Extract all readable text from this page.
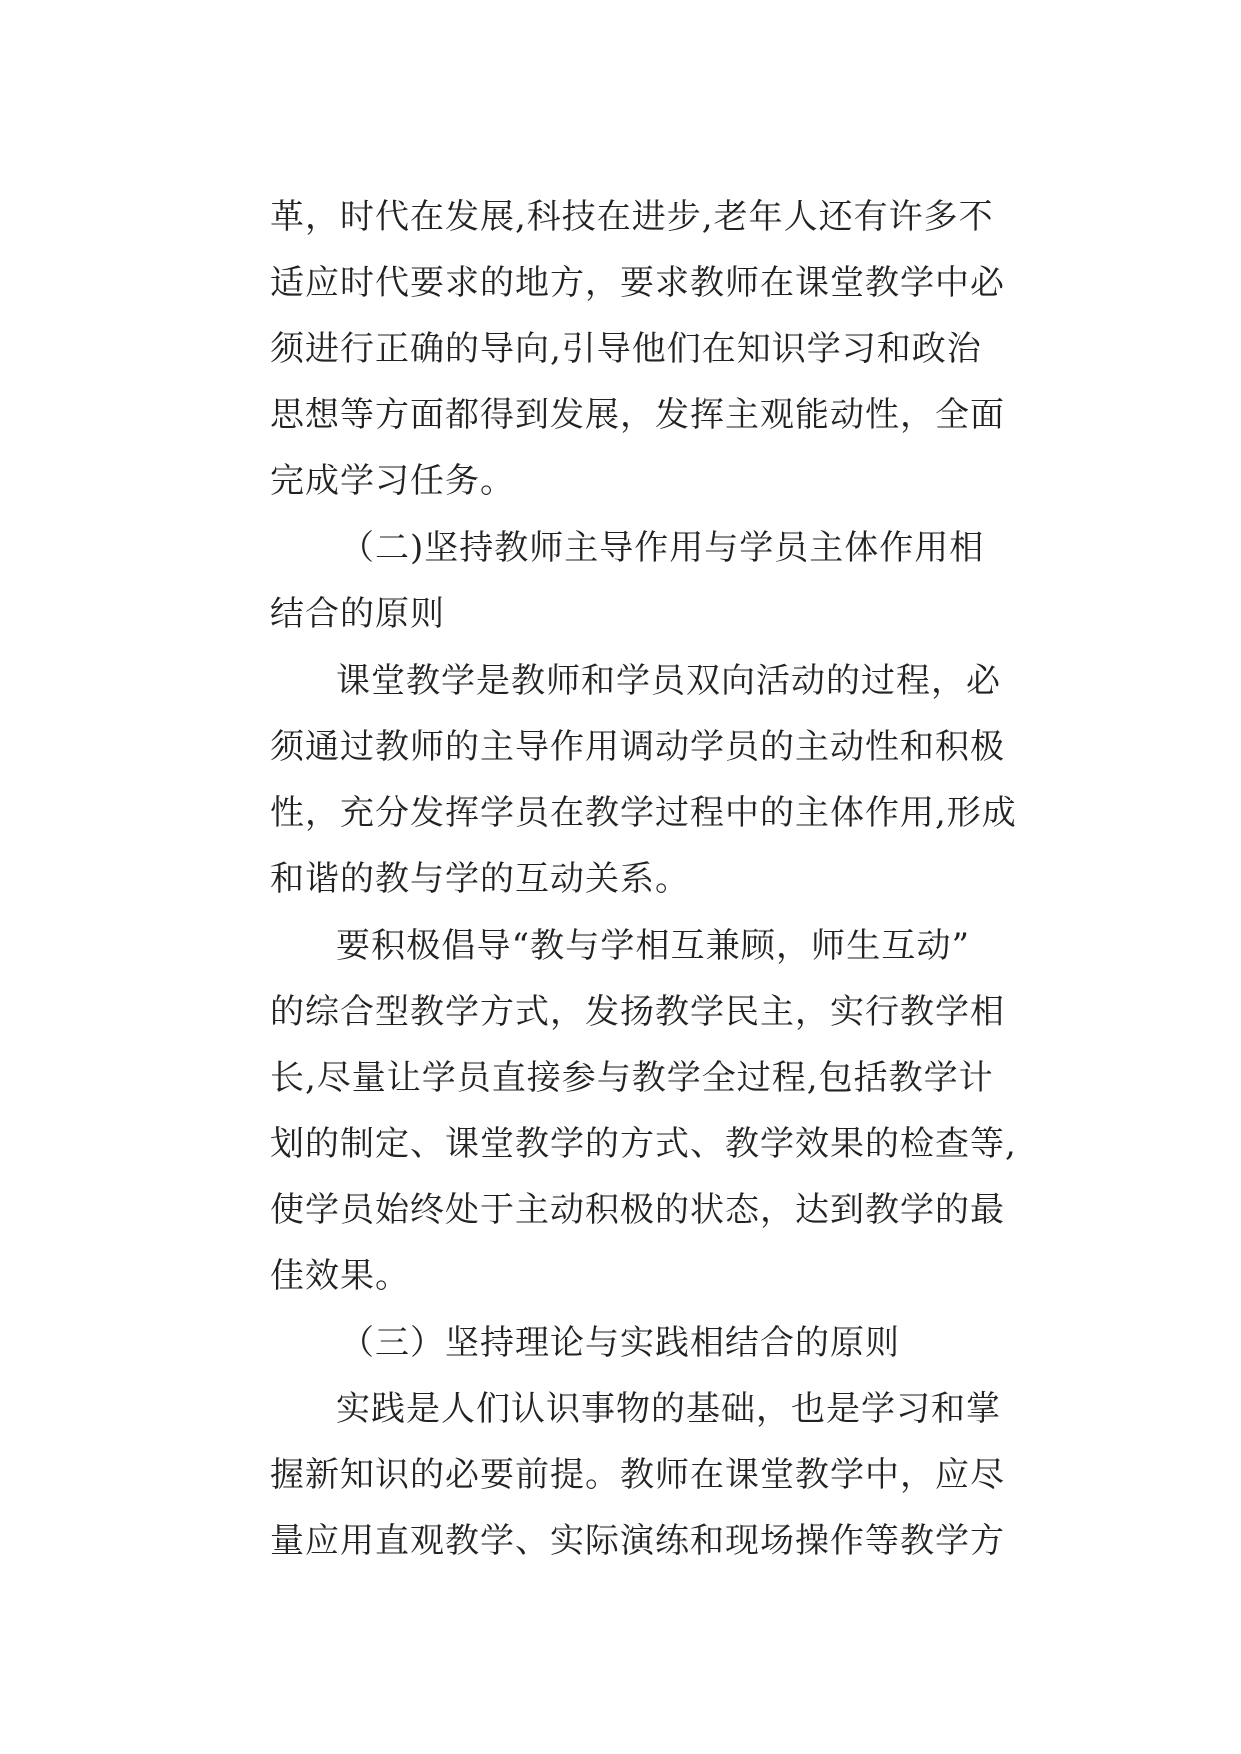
革，时代在发展,科技在进步,老年人还有许多不
适应时代要求的地方，要求教师在课堂教学中必
须进行正确的导向,引导他们在知识学习和政治
思想等方面都得到发展，发挥主观能动性，全面
完成学习任务。
（二)坚持教师主导作用与学员主体作用相
结合的原则
课堂教学是教师和学员双向活动的过程，必
须通过教师的主导作用调动学员的主动性和积极
性，充分发挥学员在教学过程中的主体作用,形成
和谐的教与学的互动关系。
要积极倡导“教与学相互兼顾，师生互动”
的综合型教学方式，发扬教学民主，实行教学相
长,尽量让学员直接参与教学全过程,包括教学计
划的制定、课堂教学的方式、教学效果的检查等,
使学员始终处于主动积极的状态，达到教学的最
佳效果。
（三）坚持理论与实践相结合的原则
实践是人们认识事物的基础，也是学习和掌
握新知识的必要前提。教师在课堂教学中，应尽
量应用直观教学、实际演练和现场操作等教学方
